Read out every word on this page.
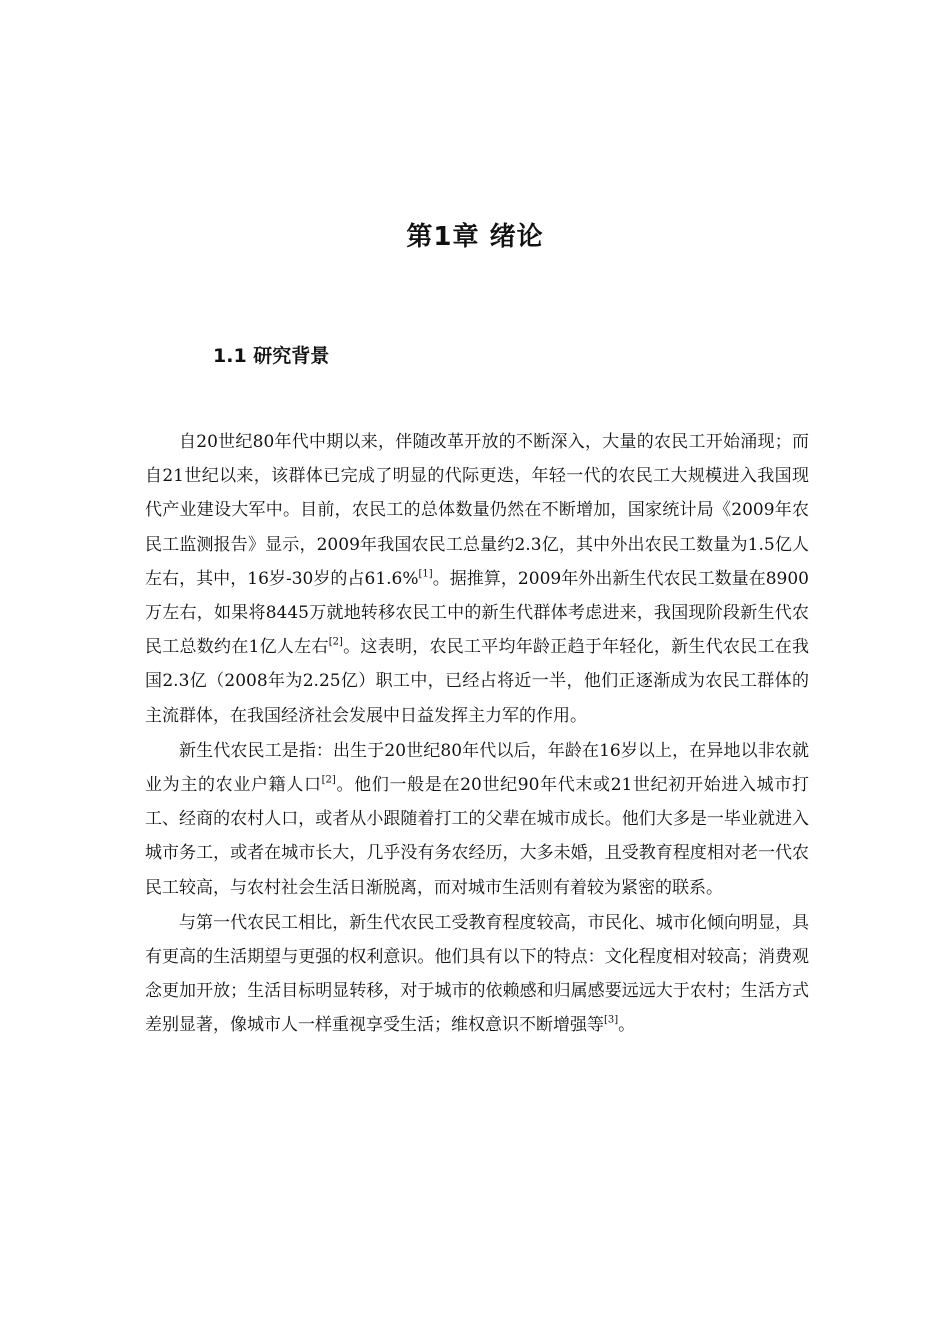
第1章 绪论
1.1 研究背景

自20世纪80年代中期以来，伴随改革开放的不断深入，大量的农民工开始涌现；而自21世纪以来，该群体已完成了明显的代际更迭，年轻一代的农民工大规模进入我国现代产业建设大军中。目前，农民工的总体数量仍然在不断增加，国家统计局《2009年农民工监测报告》显示，2009年我国农民工总量约2.3亿，其中外出农民工数量为1.5亿人左右，其中，16岁-30岁的占61.6%[1]。据推算，2009年外出新生代农民工数量在8900万左右，如果将8445万就地转移农民工中的新生代群体考虑进来，我国现阶段新生代农民工总数约在1亿人左右[2]。这表明，农民工平均年龄正趋于年轻化，新生代农民工在我国2.3亿（2008年为2.25亿）职工中，已经占将近一半，他们正逐渐成为农民工群体的主流群体，在我国经济社会发展中日益发挥主力军的作用。

新生代农民工是指：出生于20世纪80年代以后，年龄在16岁以上，在异地以非农就业为主的农业户籍人口[2]。他们一般是在20世纪90年代末或21世纪初开始进入城市打工、经商的农村人口，或者从小跟随着打工的父辈在城市成长。他们大多是一毕业就进入城市务工，或者在城市长大，几乎没有务农经历，大多未婚，且受教育程度相对老一代农民工较高，与农村社会生活日渐脱离，而对城市生活则有着较为紧密的联系。

与第一代农民工相比，新生代农民工受教育程度较高，市民化、城市化倾向明显，具有更高的生活期望与更强的权利意识。他们具有以下的特点：文化程度相对较高；消费观念更加开放；生活目标明显转移，对于城市的依赖感和归属感要远远大于农村；生活方式差别显著，像城市人一样重视享受生活；维权意识不断增强等[3]。
